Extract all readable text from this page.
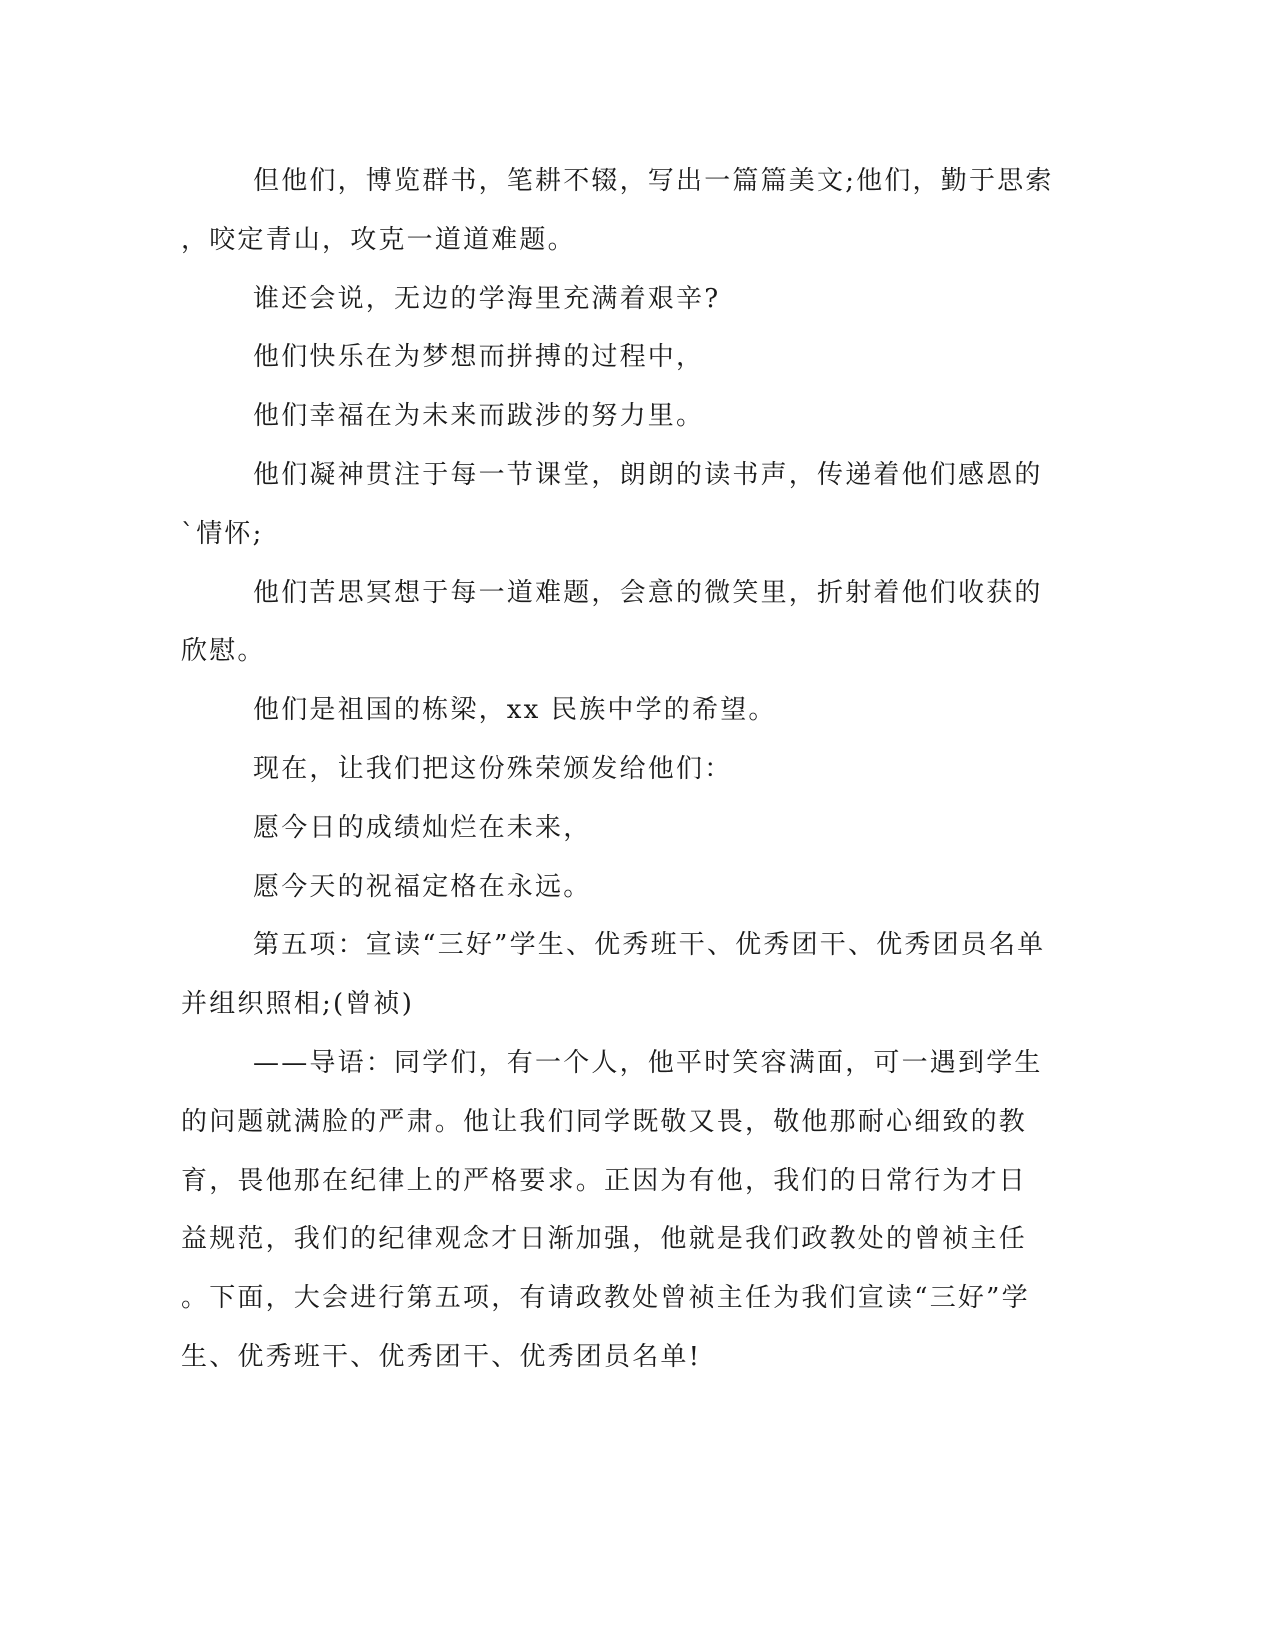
但他们，博览群书，笔耕不辍，写出一篇篇美文;他们，勤于思索
，咬定青山，攻克一道道难题。
谁还会说，无边的学海里充满着艰辛?
他们快乐在为梦想而拼搏的过程中，
他们幸福在为未来而跋涉的努力里。
他们凝神贯注于每一节课堂，朗朗的读书声，传递着他们感恩的
`情怀;
他们苦思冥想于每一道难题，会意的微笑里，折射着他们收获的
欣慰。
他们是祖国的栋梁，xx 民族中学的希望。
现在，让我们把这份殊荣颁发给他们：
愿今日的成绩灿烂在未来，
愿今天的祝福定格在永远。
第五项：宣读“三好”学生、优秀班干、优秀团干、优秀团员名单
并组织照相;(曾祯)
——导语：同学们，有一个人，他平时笑容满面，可一遇到学生
的问题就满脸的严肃。他让我们同学既敬又畏，敬他那耐心细致的教
育，畏他那在纪律上的严格要求。正因为有他，我们的日常行为才日
益规范，我们的纪律观念才日渐加强，他就是我们政教处的曾祯主任
。下面，大会进行第五项，有请政教处曾祯主任为我们宣读“三好”学
生、优秀班干、优秀团干、优秀团员名单!
